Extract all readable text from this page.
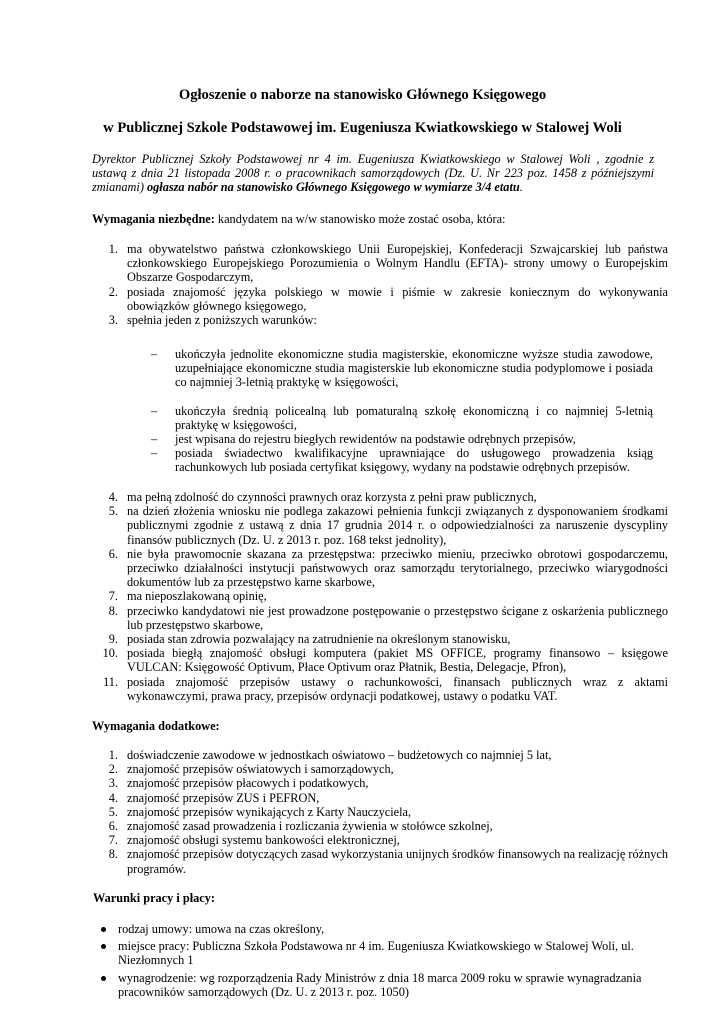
Ogłoszenie o naborze na stanowisko Głównego Księgowego
w Publicznej Szkole Podstawowej im. Eugeniusza Kwiatkowskiego w Stalowej Woli
Dyrektor Publicznej Szkoły Podstawowej nr 4 im. Eugeniusza Kwiatkowskiego w Stalowej Woli , zgodnie z ustawą z dnia 21 listopada 2008 r. o pracownikach samorządowych (Dz. U. Nr 223 poz. 1458 z późniejszymi zmianami) ogłasza nabór na stanowisko Głównego Księgowego w wymiarze 3/4 etatu.
Wymagania niezbędne: kandydatem na w/w stanowisko może zostać osoba, która:
1. ma obywatelstwo państwa członkowskiego Unii Europejskiej, Konfederacji Szwajcarskiej lub państwa członkowskiego Europejskiego Porozumienia o Wolnym Handlu (EFTA)- strony umowy o Europejskim Obszarze Gospodarczym,
2. posiada znajomość języka polskiego w mowie i piśmie w zakresie koniecznym do wykonywania obowiązków głównego księgowego,
3. spełnia jeden z poniższych warunków:
– ukończyła jednolite ekonomiczne studia magisterskie, ekonomiczne wyższe studia zawodowe, uzupełniające ekonomiczne studia magisterskie lub ekonomiczne studia podyplomowe i posiada co najmniej 3-letnią praktykę w księgowości,
– ukończyła średnią policealną lub pomaturalną szkołę ekonomiczną i co najmniej 5-letnią praktykę w księgowości,
– jest wpisana do rejestru biegłych rewidentów na podstawie odrębnych przepisów,
– posiada świadectwo kwalifikacyjne uprawniające do usługowego prowadzenia ksiąg rachunkowych lub posiada certyfikat księgowy, wydany na podstawie odrębnych przepisów.
4. ma pełną zdolność do czynności prawnych oraz korzysta z pełni praw publicznych,
5. na dzień złożenia wniosku nie podlega zakazowi pełnienia funkcji związanych z dysponowaniem środkami publicznymi zgodnie z ustawą z dnia 17 grudnia 2014 r. o odpowiedzialności za naruszenie dyscypliny finansów publicznych (Dz. U. z 2013 r. poz. 168 tekst jednolity),
6. nie była prawomocnie skazana za przestępstwa: przeciwko mieniu, przeciwko obrotowi gospodarczemu, przeciwko działalności instytucji państwowych oraz samorządu terytorialnego, przeciwko wiarygodności dokumentów lub za przestępstwo karne skarbowe,
7. ma nieposzlakowaną opinię,
8. przeciwko kandydatowi nie jest prowadzone postępowanie o przestępstwo ścigane z oskarżenia publicznego lub przestępstwo skarbowe,
9. posiada stan zdrowia pozwalający na zatrudnienie na określonym stanowisku,
10. posiada biegłą znajomość obsługi komputera (pakiet MS OFFICE, programy finansowo – księgowe VULCAN: Księgowość Optivum, Płace Optivum oraz Płatnik, Bestia, Delegacje, Pfron),
11. posiada znajomość przepisów ustawy o rachunkowości, finansach publicznych wraz z aktami wykonawczymi, prawa pracy, przepisów ordynacji podatkowej, ustawy o podatku VAT.
Wymagania dodatkowe:
1. doświadczenie zawodowe w jednostkach oświatowo – budżetowych co najmniej 5 lat,
2. znajomość przepisów oświatowych i samorządowych,
3. znajomość przepisów płacowych i podatkowych,
4. znajomość przepisów ZUS i PEFRON,
5. znajomość przepisów wynikających z Karty Nauczyciela,
6. znajomość zasad prowadzenia i rozliczania żywienia w stołówce szkolnej,
7. znajomość obsługi systemu bankowości elektronicznej,
8. znajomość przepisów dotyczących zasad wykorzystania unijnych środków finansowych na realizację różnych programów.
Warunki pracy i płacy:
rodzaj umowy: umowa na czas określony,
miejsce pracy: Publiczna Szkoła Podstawowa nr 4 im. Eugeniusza Kwiatkowskiego w Stalowej Woli, ul. Niezłomnych 1
wynagrodzenie: wg rozporządzenia Rady Ministrów z dnia 18 marca 2009 roku w sprawie wynagradzania pracowników samorządowych (Dz. U. z 2013 r. poz. 1050)
